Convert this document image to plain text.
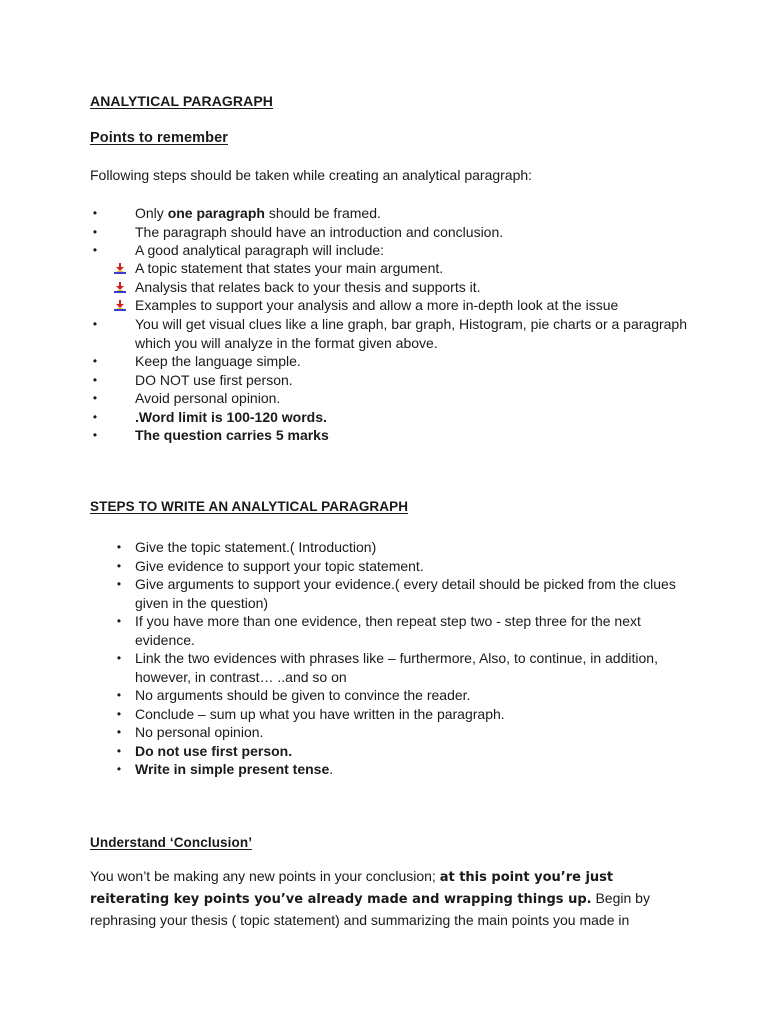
ANALYTICAL PARAGRAPH
Points to remember

Following steps should be taken while creating an analytical paragraph:

•	Only one paragraph should be framed.
•	The paragraph should have an introduction and conclusion.
•	A good analytical paragraph will include:
A topic statement that states your main argument.
Analysis that relates back to your thesis and supports it.
Examples to support your analysis and allow a more in-depth look at the issue
•	You will get visual clues like a line graph, bar graph, Histogram, pie charts or a paragraph which you will analyze in the format given above.
•	Keep the language simple.
•	DO NOT use first person.
•	Avoid personal opinion.
•	.Word limit is 100-120 words.
•	The question carries 5 marks
STEPS TO WRITE AN ANALYTICAL PARAGRAPH
• Give the topic statement.( Introduction)
• Give evidence to support your topic statement.
• Give arguments to support your evidence.( every detail should be picked from the clues given in the question)
• If you have more than one evidence, then repeat step two - step three for the next evidence.
• Link the two evidences with phrases like – furthermore, Also, to continue, in addition, however, in contrast… ..and so on
• No arguments should be given to convince the reader.
• Conclude – sum up what you have written in the paragraph.
• No personal opinion.
• Do not use first person.
• Write in simple present tense.
Understand ‘Conclusion’

You won’t be making any new points in your conclusion; at this point you’re just reiterating key points you’ve already made and wrapping things up. Begin by rephrasing your thesis ( topic statement) and summarizing the main points you made in
